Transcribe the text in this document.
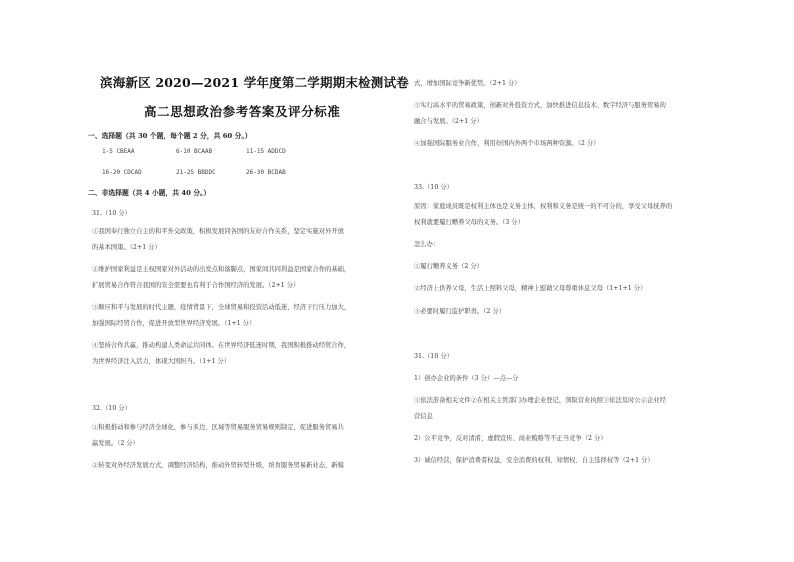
滨海新区 2020—2021 学年度第二学期期末检测试卷
高二思想政治参考答案及评分标准
一、选择题（共 30 个题，每个题 2 分，共 60 分。）
1-5 CBEAA	6-10 BCAAB	11-15 ADDCD
16-20 CDCAD	21-25 BBDDC	26-30 BCDAB
二、非选择题（共 4 小题，共 40 分。）
31.（10 分）
①我国奉行独立自主的和平外交政策，积极发展同各国的友好合作关系，坚定实施对外开放
的基本国策。（2+1 分）
②维护国家利益是主权国家对外活动的出发点和落脚点，国家间共同利益是国家合作的基础，
扩展贸易合作符合我国的安全需要也有利于合作国经济的发展。（2+1 分）
③顺应和平与发展的时代主题，疫情背景下，全球贸易和投资活动低迷，经济下行压力加大，
加强国际经贸合作，促进开放型世界经济发展。（1+1 分）
④坚持合作共赢，推动构建人类命运共同体。在世界经济低迷时期，我国积极推动经贸合作，
为世界经济注入活力，体现大国担当。（1+1 分）
32.（10 分）
①积极推动和参与经济全球化，参与多边、区域等贸易服务贸易规则制定，促进服务贸易共
赢发展。（2 分）
②转变对外经济发展方式，调整经济结构，推动外贸转型升级，培育服务贸易新业态、新模
式，增加国际竞争新优势。（2+1 分）
③实行高水平的贸易政策，创新对外投资方式，加快推进信息技术、数字经济与服务贸易的
融合与发展。（2+1 分）
④加强国际服务业合作，利用好国内外两个市场两种资源。（2 分）
33.（10 分）
原因：家庭成员既是权利主体也是义务主体，权利和义务是统一的不可分的，享受父母抚养的
权利就要履行赡养父母的义务。（3 分）
怎么办：
①履行赡养义务（2 分）
②经济上供养父母，生活上照料父母，精神上慰藉父母尊重休息父母（1+1+1 分）
③必要时履行监护职责。（2 分）
31.（10 分）
1）创办企业的条件（3 分）—点—分
①依法准备相关文件②在相关主管部门办理企业登记，领取营业执照③依法及时公示企业经
营信息
2）公平竞争，反对清淆、虚假宣传、商业贿赂等不正当竞争（2 分）
3）诚信经营，保护消费者权益，安全消费的权利、知情权、自主选择权等（2+1 分）
